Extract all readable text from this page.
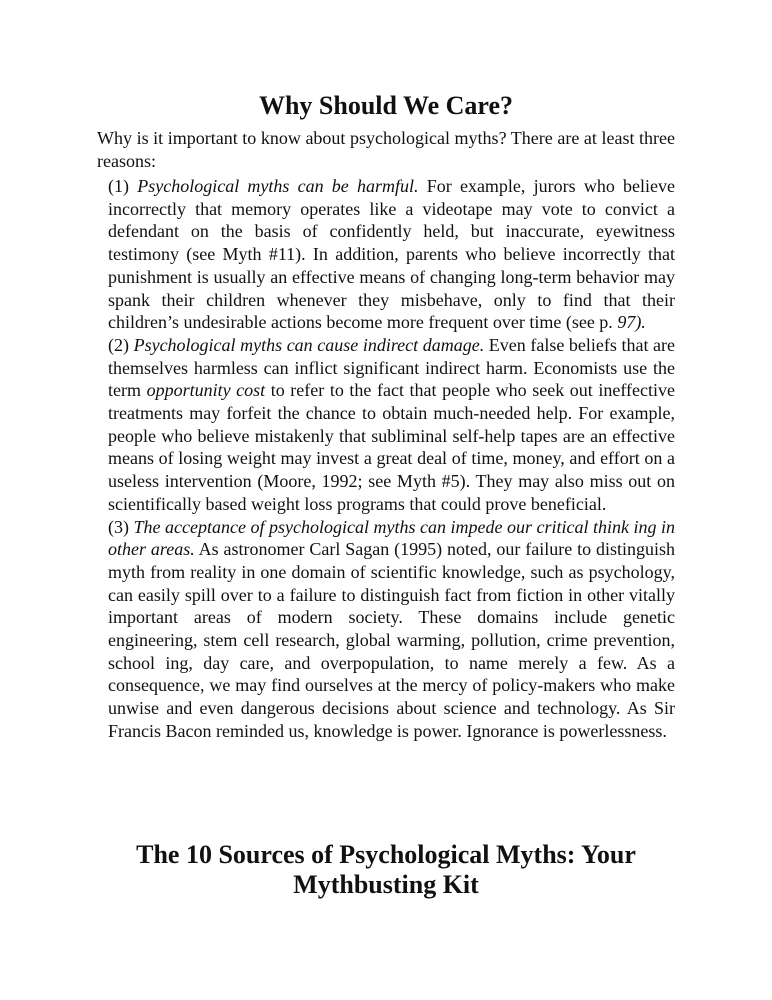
Why Should We Care?

Why is it important to know about psychological myths? There are at least three reasons:

(1) Psychological myths can be harmful. For example, jurors who believe incorrectly that memory operates like a videotape may vote to convict a defendant on the basis of confidently held, but inaccurate, eyewitness testimony (see Myth #11). In addition, parents who believe incorrectly that punishment is usually an effective means of changing long-term behavior may spank their children whenever they misbehave, only to find that their children’s undesirable actions become more frequent over time (see p. 97).

(2) Psychological myths can cause indirect damage. Even false beliefs that are themselves harmless can inflict significant indirect harm. Economists use the term opportunity cost to refer to the fact that people who seek out ineffective treatments may forfeit the chance to obtain much-needed help. For example, people who believe mistakenly that subliminal self-help tapes are an effective means of losing weight may invest a great deal of time, money, and effort on a useless intervention (Moore, 1992; see Myth #5). They may also miss out on scientifically based weight loss programs that could prove beneficial.

(3) The acceptance of psychological myths can impede our critical think ing in other areas. As astronomer Carl Sagan (1995) noted, our failure to distinguish myth from reality in one domain of scientific knowledge, such as psychology, can easily spill over to a failure to distinguish fact from fiction in other vitally important areas of modern society. These domains include genetic engineering, stem cell research, global warming, pollution, crime prevention, school ing, day care, and overpopulation, to name merely a few. As a consequence, we may find ourselves at the mercy of policy-makers who make unwise and even dangerous decisions about science and technology. As Sir Francis Bacon reminded us, knowledge is power. Ignorance is powerlessness.

The 10 Sources of Psychological Myths: Your
Mythbusting Kit
